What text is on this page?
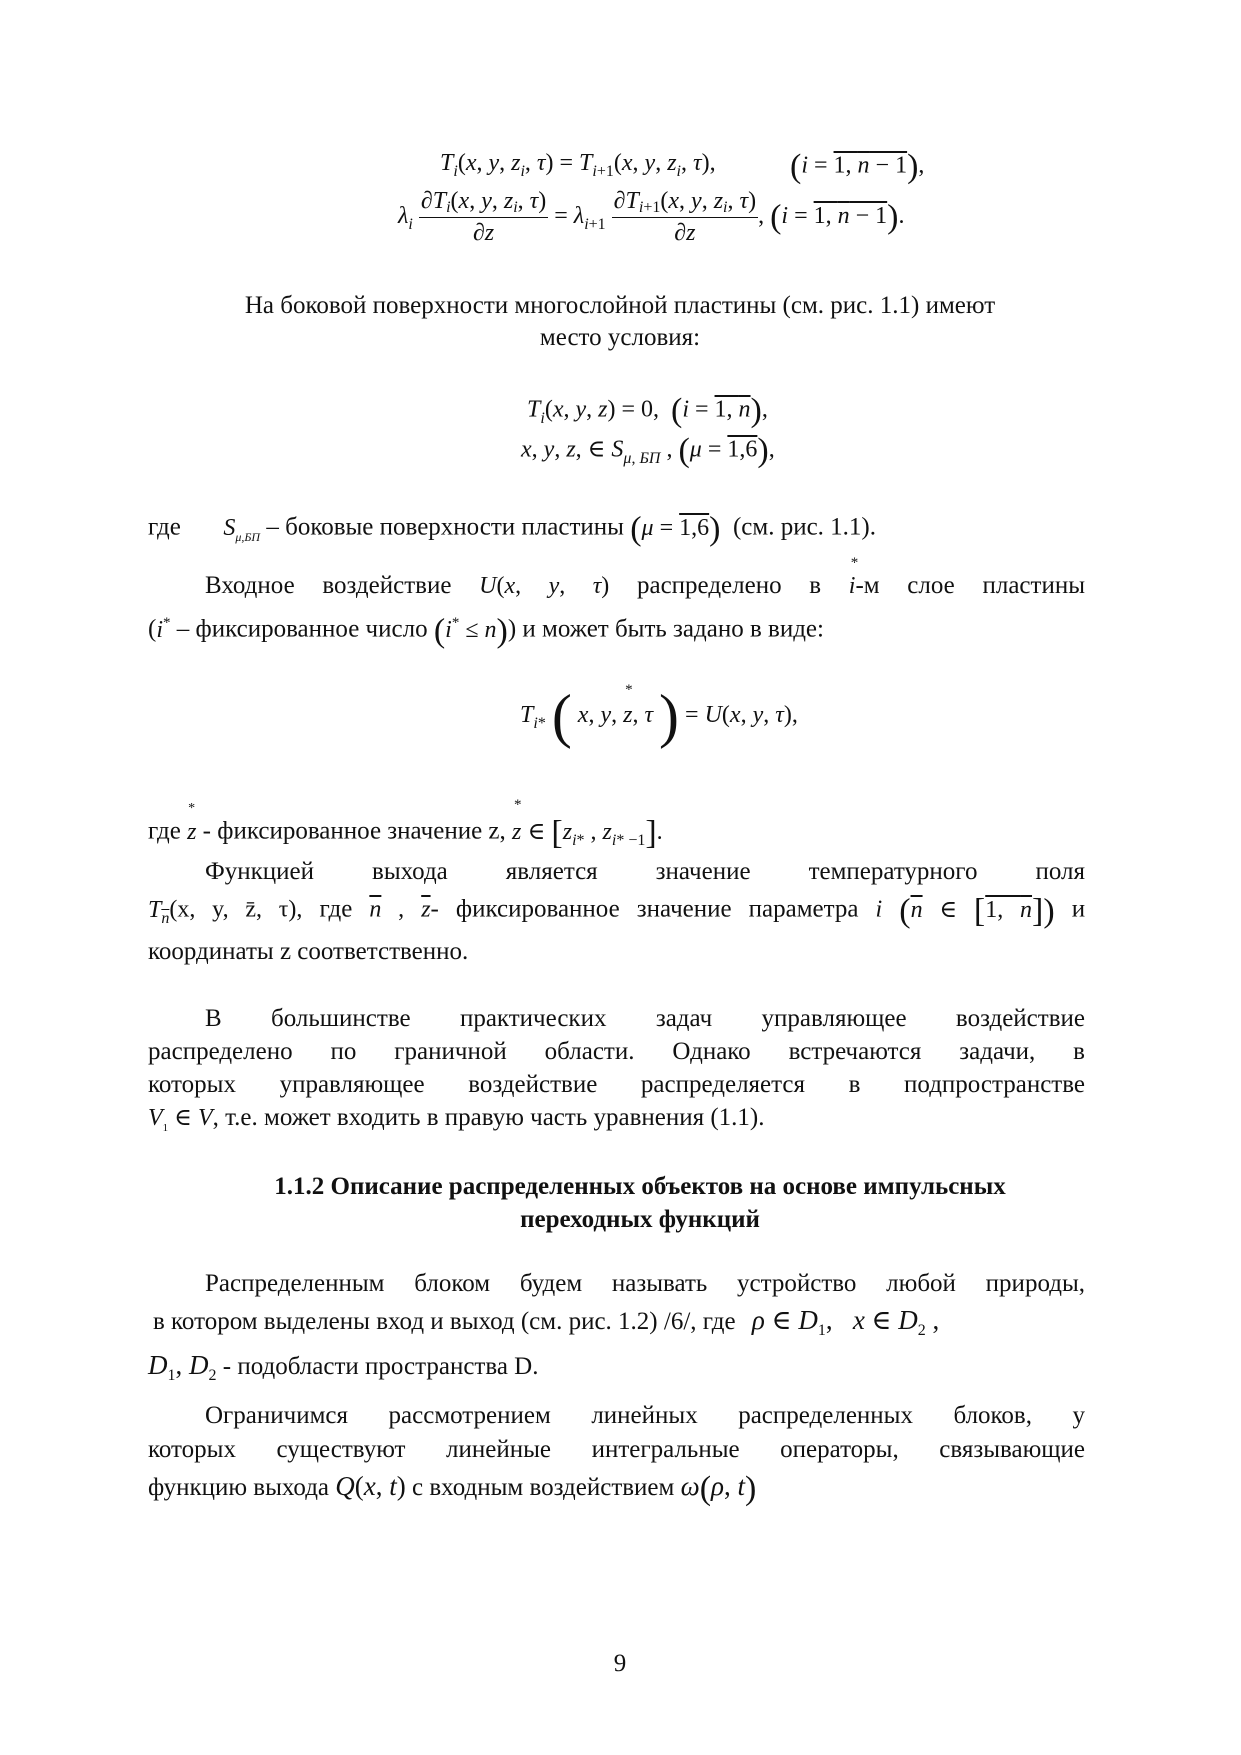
$T_i(x$, y, $z_i$, $\tau) = T_{i+1}(x$, y, $z_i$, τ), (i = 1, n − 1),
$\lambda_i \frac{\partial Ti(x, y, zi, \tau)}{\partial z} = \lambda_{i+1} \frac{\partial Ti+1(x, y, zi, \tau)}{\partial z}$ , (i = 1, n − 1).
На боковой поверхности многослойной пластины (см. рис. 1.1) имеют
место условия:
$T_i(x$, y, z) = 0,  (i = 1, n),
x, y, z, ∈ $S_{\mu, БП}$ , (μ = 1,6),
где $S_{\mu,БП}$ – боковые поверхности пластины (μ = 1,6) (см. рис. 1.1).
Входное воздействие U(x, y, τ) распределено в i
*
-м слое пластины
(i* – фиксированное число (i* ≤ n)) и может быть задано в виде:
$T_{i*}$ ( x, y, z
*
, τ ) = U(x, y, τ),
где z
*
- фиксированное значение z, z
*
∈ [$z_{i*}$ , $z_{i* -1}$].
Функцией выхода является значение температурного поля
$T_{\overline{n}}(x$, y, z̄, τ), где $\overline{n}$ , $\overline{z}-$ фиксированное значение параметра i ($\overline{n}$ ∈ [1, n]) и
координаты z соответственно.
В большинстве практических задач управляющее воздействие
распределено по граничной области. Однако встречаются задачи, в
которых управляющее воздействие распределяется в подпространстве
$V_1$ ∈ V, т.е. может входить в правую часть уравнения (1.1).
1.1.2 Описание распределенных объектов на основе импульсных
переходных функций
Распределенным блоком будем называть устройство любой природы,
в котором выделены вход и выход (см. рис. 1.2) /6/, где ρ ∈ $D_1$,   x ∈ $D_2$ ,
$D_1$, $D_2$ - подобласти пространства D.
Ограничимся рассмотрением линейных распределенных блоков, у
которых существуют линейные интегральные операторы, связывающие
функцию выхода Q(x, t) с входным воздействием ω(ρ, t)
9
